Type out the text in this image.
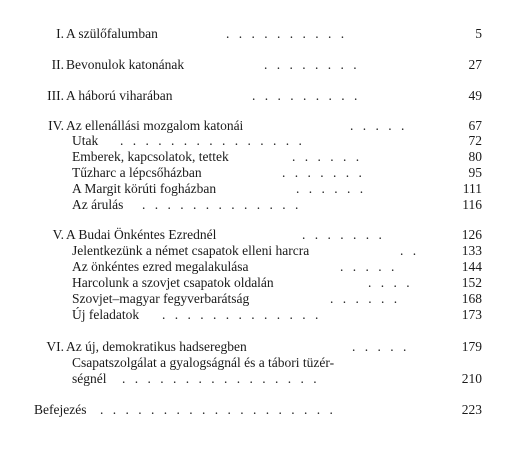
I. A szülőfalumban	. . . . . . . . . .	5
II. Bevonulok katonának	. . . . . . . .	27
III. A háború viharában	. . . . . . . . .	49
IV. Az ellenállási mozgalom katonái	. . . . .	67
Utak . . . . . . . . . . . . . . .	72
Emberek, kapcsolatok, tettek	. . . . . .	80
Tűzharc a lépcsőházban	. . . . . . .	95
A Margit körúti fogházban	. . . . . .	111
Az árulás . . . . . . . . . . . . .	116
V. A Budai Önkéntes Ezrednél	. . . . . . .	126
Jelentkezünk a német csapatok elleni harcra	. .	133
Az önkéntes ezred megalakulása	. . . . .	144
Harcolunk a szovjet csapatok oldalán	. . . .	152
Szovjet–magyar fegyverbarátság	. . . . . .	168
Új feladatok . . . . . . . . . . . . .	173
VI. Az új, demokratikus hadseregben	. . . . .	179
Csapatszolgálat a gyalogságnál és a tábori tüzér-
ségnél . . . . . . . . . . . . . . . .	210
Befejezés . . . . . . . . . . . . . . . . . . .	223
